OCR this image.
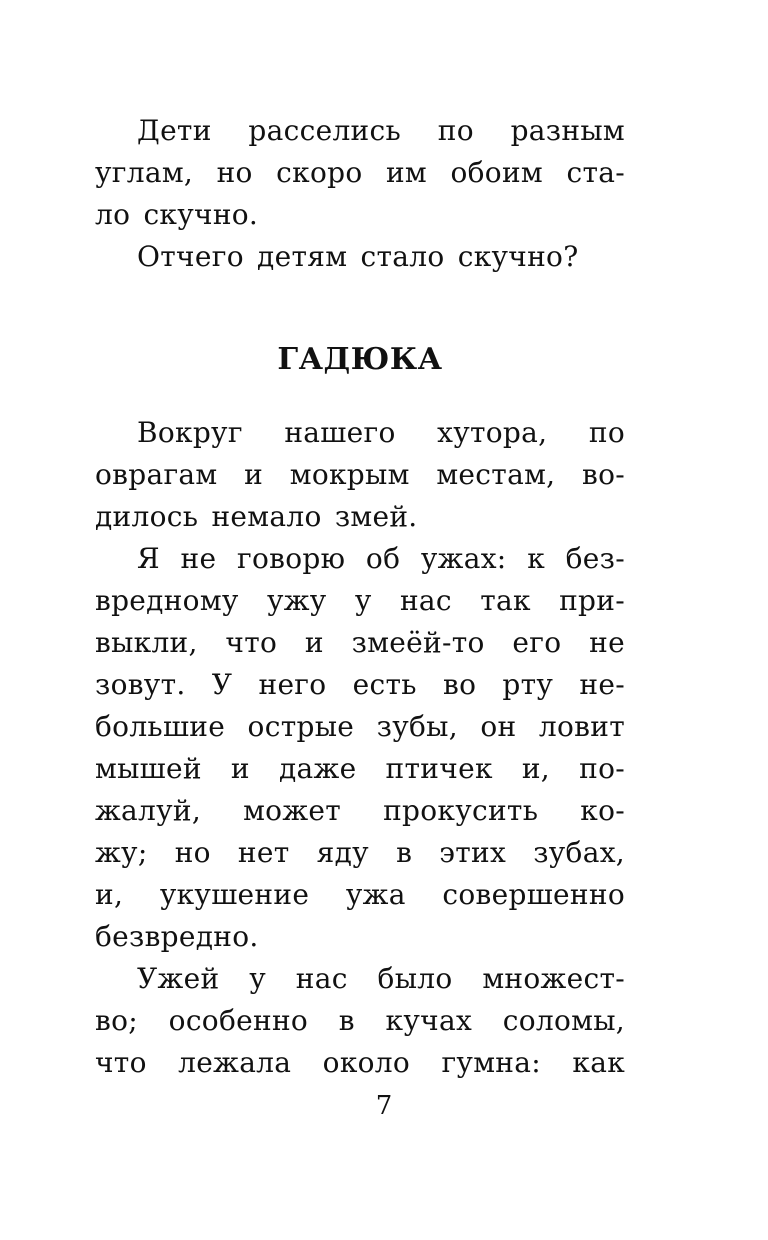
Дети расселись по разным
углам, но скоро им обоим ста-
ло скучно.

Отчего детям стало скучно?

ГАДЮКА

Вокруг нашего хутора, по
оврагам и мокрым местам, во-
дилось немало змей.

Я не говорю об ужах: к без-
вредному ужу у нас так при-
выкли, что и змеёй-то его не
зовут. У него есть во рту не-
большие острые зубы, он ловит
мышей и даже птичек и, по-
жалуй, может прокусить ко-
жу; но нет яду в этих зубах,
и, укушение ужа совершенно
безвредно.

Ужей у нас было множест-
во; особенно в кучах соломы,
что лежала около гумна: как

7
